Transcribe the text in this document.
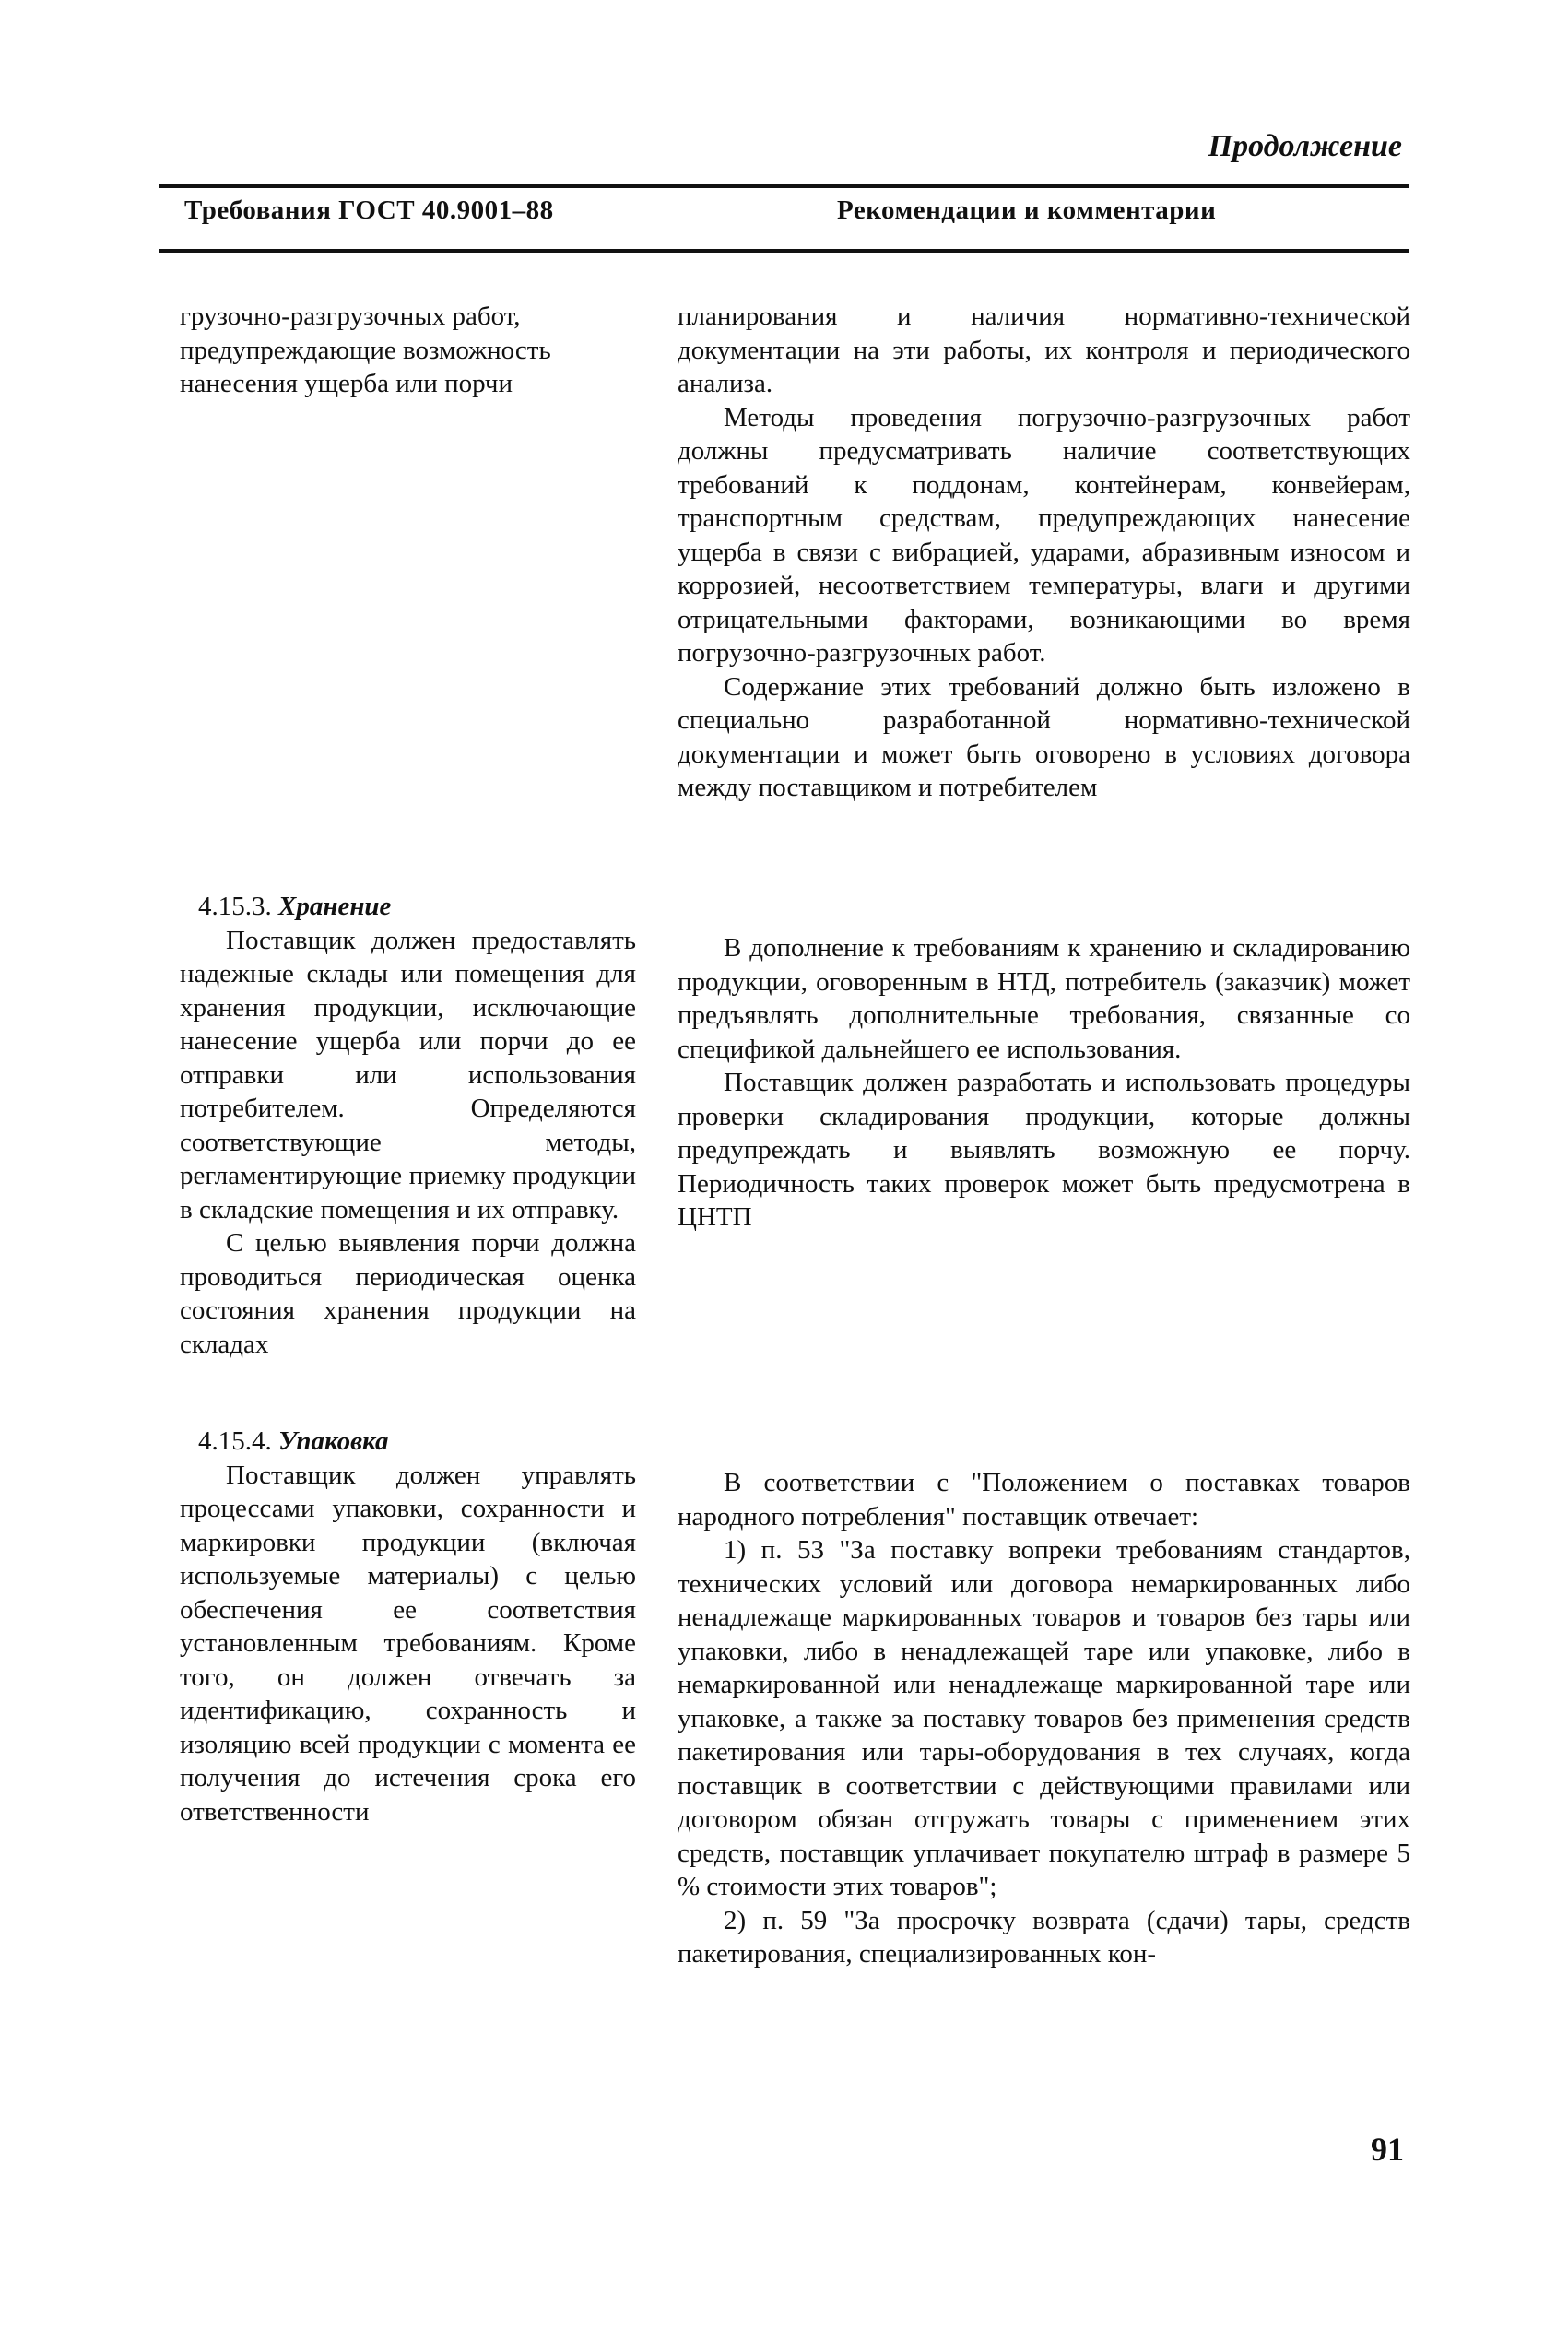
Продолжение
Требования ГОСТ 40.9001–88	Рекомендации и комментарии

грузочно-разгрузочных работ, предупреждающие возможность нанесения ущерба или порчи

4.15.3. Хранение

Поставщик должен предоставлять надежные склады или помещения для хранения продукции, исключающие нанесение ущерба или порчи до ее отправки или использования потребителем. Определяются соответствующие методы, регламентирующие приемку продукции в складские помещения и их отправку.

С целью выявления порчи должна проводиться периодическая оценка состояния хранения продукции на складах

4.15.4. Упаковка

Поставщик должен управлять процессами упаковки, сохранности и маркировки продукции (включая используемые материалы) с целью обеспечения ее соответствия установленным требованиям. Кроме того, он должен отвечать за идентификацию, сохранность и изоляцию всей продукции с момента ее получения до истечения срока его ответственности

планирования и наличия нормативно-технической документации на эти работы, их контроля и периодического анализа.

Методы проведения погрузочно-разгрузочных работ должны предусматривать наличие соответствующих требований к поддонам, контейнерам, конвейерам, транспортным средствам, предупреждающих нанесение ущерба в связи с вибрацией, ударами, абразивным износом и коррозией, несоответствием температуры, влаги и другими отрицательными факторами, возникающими во время погрузочно-разгрузочных работ.

Содержание этих требований должно быть изложено в специально разработанной нормативно-технической документации и может быть оговорено в условиях договора между поставщиком и потребителем

В дополнение к требованиям к хранению и складированию продукции, оговоренным в НТД, потребитель (заказчик) может предъявлять дополнительные требования, связанные со спецификой дальнейшего ее использования.

Поставщик должен разработать и использовать процедуры проверки складирования продукции, которые должны предупреждать и выявлять возможную ее порчу. Периодичность таких проверок может быть предусмотрена в ЦНТП

В соответствии с "Положением о поставках товаров народного потребления" поставщик отвечает:

1) п. 53 "За поставку вопреки требованиям стандартов, технических условий или договора немаркированных либо ненадлежаще маркированных товаров и товаров без тары или упаковки, либо в ненадлежащей таре или упаковке, либо в немаркированной или ненадлежаще маркированной таре или упаковке, а также за поставку товаров без применения средств пакетирования или тары-оборудования в тех случаях, когда поставщик в соответствии с действующими правилами или договором обязан отгружать товары с применением этих средств, поставщик уплачивает покупателю штраф в размере 5 % стоимости этих товаров";

2) п. 59 "За просрочку возврата (сдачи) тары, средств пакетирования, специализированных кон-

91
